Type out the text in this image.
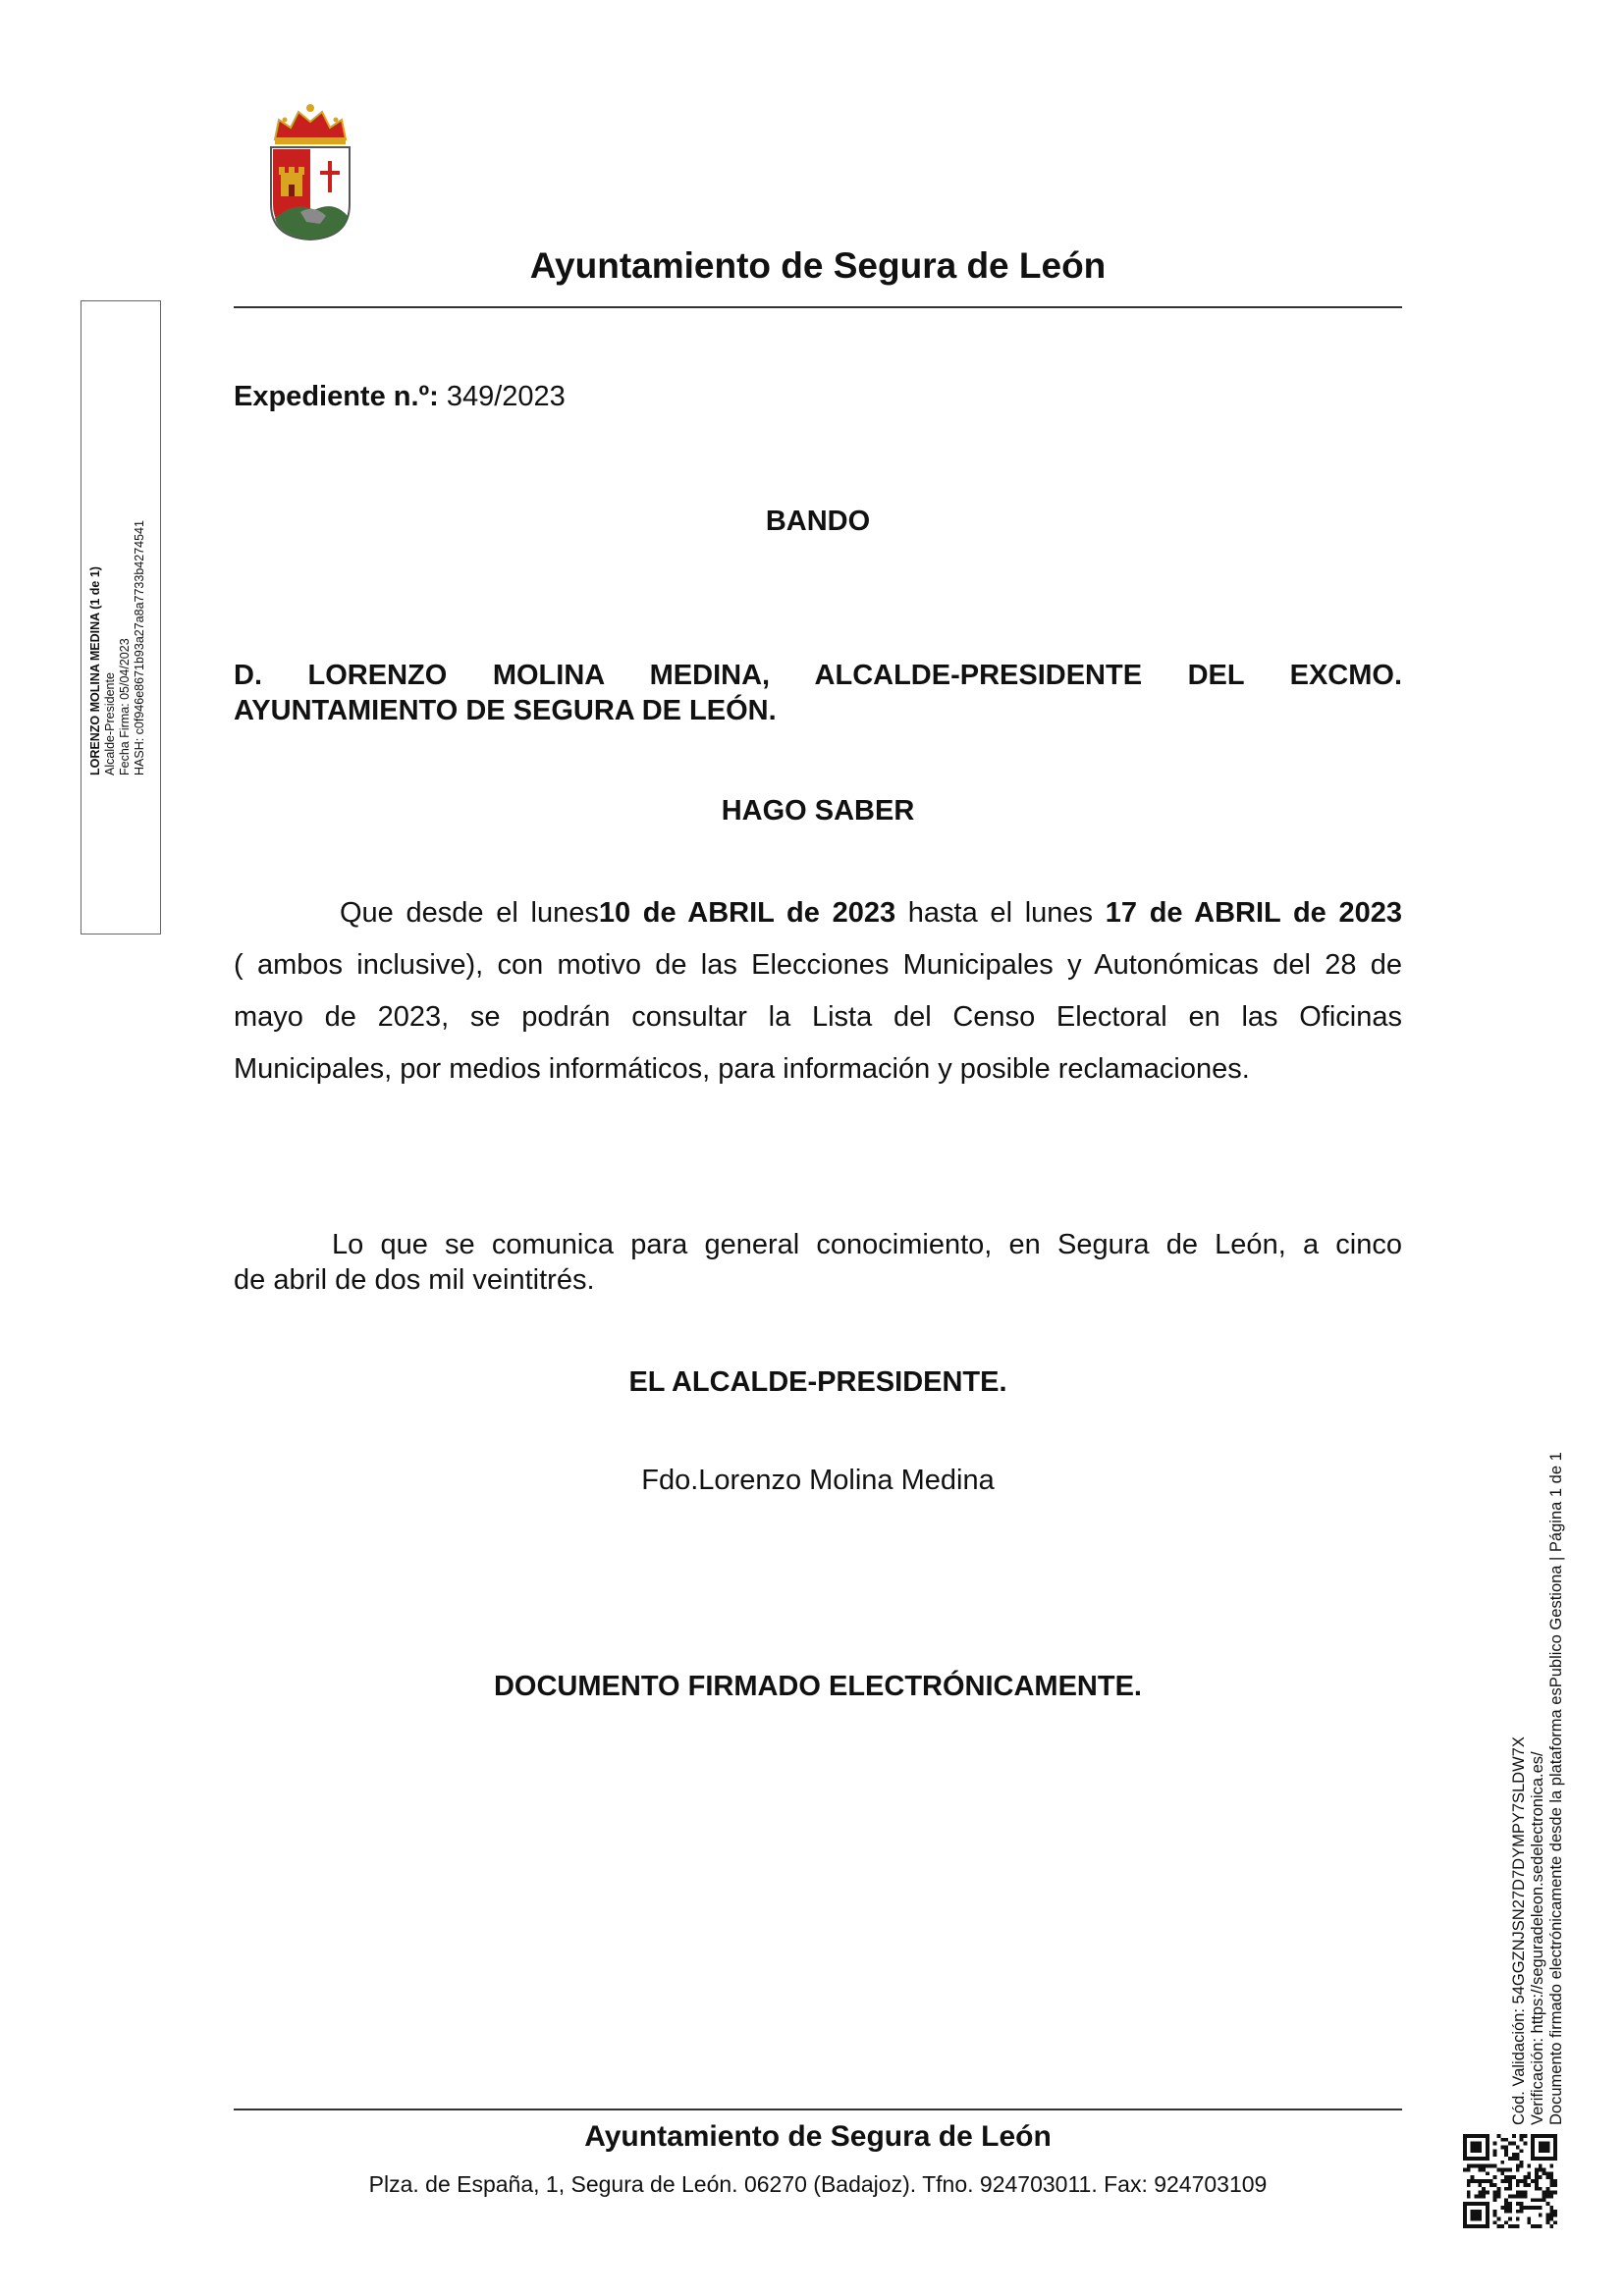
Ayuntamiento de Segura de León
LORENZO MOLINA MEDINA (1 de 1) Alcalde-Presidente Fecha Firma: 05/04/2023 HASH: c0f946e8671b93a27a8a7733b4274541
Expediente n.º: 349/2023
BANDO
D. LORENZO MOLINA MEDINA, ALCALDE-PRESIDENTE DEL EXCMO.
AYUNTAMIENTO DE SEGURA DE LEÓN.
HAGO SABER
Que desde el lunes10 de ABRIL de 2023 hasta el lunes 17 de ABRIL de 2023
( ambos inclusive), con motivo de las Elecciones Municipales y Autonómicas del 28 de
mayo de 2023, se podrán consultar la Lista del Censo Electoral en las Oficinas
Municipales, por medios informáticos, para información y posible reclamaciones.
Lo que se comunica para general conocimiento, en Segura de León, a cinco
de abril de dos mil veintitrés.
EL ALCALDE-PRESIDENTE.
Fdo.Lorenzo Molina Medina
DOCUMENTO FIRMADO ELECTRÓNICAMENTE.
Ayuntamiento de Segura de León
Plza. de España, 1, Segura de León. 06270 (Badajoz). Tfno. 924703011. Fax: 924703109
Cód. Validación: 54GGZNJSN27D7DYMPY7SLDW7X Verificación: https://seguradeleon.sedelectronica.es/ Documento firmado electrónicamente desde la plataforma esPublico Gestiona | Página 1 de 1
